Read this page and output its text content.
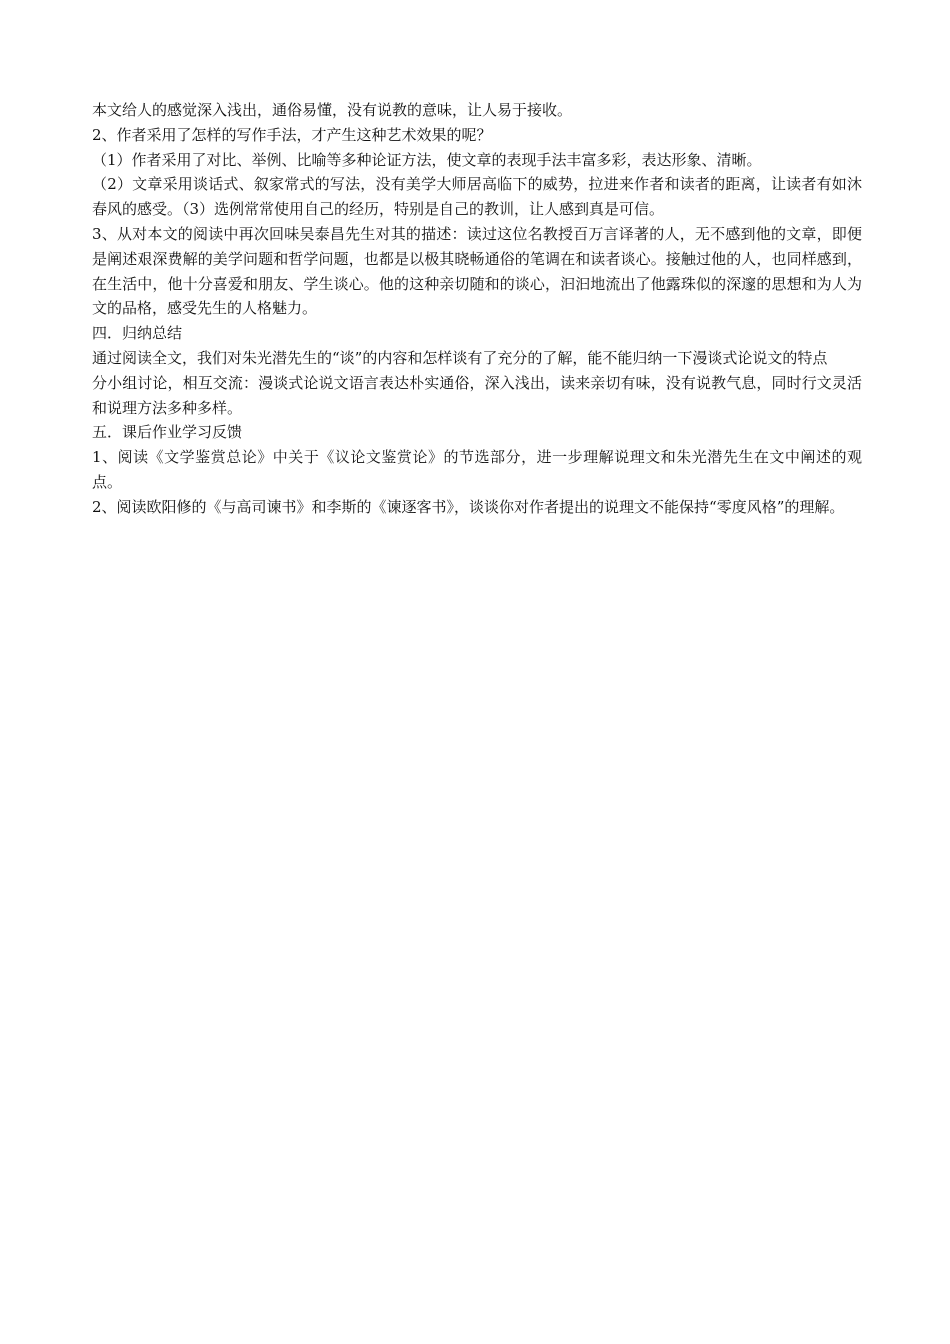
本文给人的感觉深入浅出，通俗易懂，没有说教的意味，让人易于接收。

2、作者采用了怎样的写作手法，才产生这种艺术效果的呢？

（1）作者采用了对比、举例、比喻等多种论证方法，使文章的表现手法丰富多彩，表达形象、清晰。

（2）文章采用谈话式、叙家常式的写法，没有美学大师居高临下的威势，拉进来作者和读者的距离，让读者有如沐春风的感受。（3）选例常常使用自己的经历，特别是自己的教训，让人感到真是可信。

3、从对本文的阅读中再次回味吴泰昌先生对其的描述：读过这位名教授百万言译著的人，无不感到他的文章，即便是阐述艰深费解的美学问题和哲学问题，也都是以极其晓畅通俗的笔调在和读者谈心。接触过他的人，也同样感到，在生活中，他十分喜爱和朋友、学生谈心。他的这种亲切随和的谈心，汩汩地流出了他露珠似的深邃的思想和为人为文的品格，感受先生的人格魅力。

四．归纳总结

通过阅读全文，我们对朱光潜先生的“谈”的内容和怎样谈有了充分的了解，能不能归纳一下漫谈式论说文的特点

分小组讨论，相互交流：漫谈式论说文语言表达朴实通俗，深入浅出，读来亲切有味，没有说教气息，同时行文灵活和说理方法多种多样。

五．课后作业学习反馈

1、阅读《文学鉴赏总论》中关于《议论文鉴赏论》的节选部分，进一步理解说理文和朱光潜先生在文中阐述的观点。

2、阅读欧阳修的《与高司谏书》和李斯的《谏逐客书》，谈谈你对作者提出的说理文不能保持“零度风格”的理解。
